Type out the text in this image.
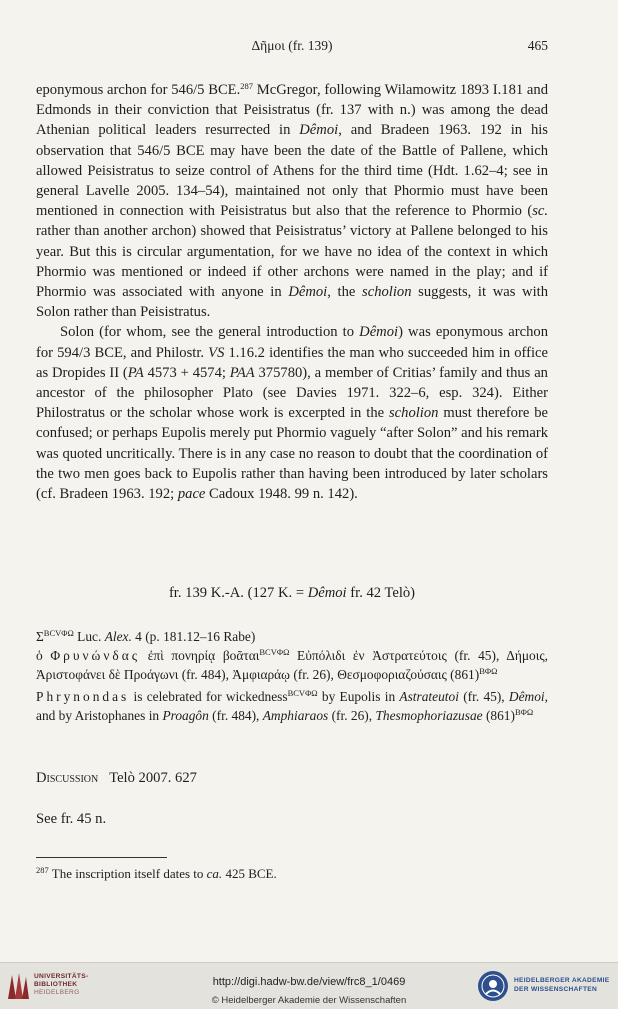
Δῆμοι (fr. 139)	465

eponymous archon for 546/5 BCE.$^{287}$ McGregor, following Wilamowitz 1893 I.181 and Edmonds in their conviction that Peisistratus (fr. 137 with n.) was among the dead Athenian political leaders resurrected in Dêmoi, and Bradeen 1963. 192 in his observation that 546/5 BCE may have been the date of the Battle of Pallene, which allowed Peisistratus to seize control of Athens for the third time (Hdt. 1.62–4; see in general Lavelle 2005. 134–54), maintained not only that Phormio must have been mentioned in connection with Peisistratus but also that the reference to Phormio (sc. rather than another archon) showed that Peisistratus’ victory at Pallene belonged to his year. But this is circular argumentation, for we have no idea of the context in which Phormio was mentioned or indeed if other archons were named in the play; and if Phormio was associated with anyone in Dêmoi, the scholion suggests, it was with Solon rather than Peisistratus.

Solon (for whom, see the general introduction to Dêmoi) was eponymous archon for 594/3 BCE, and Philostr. VS 1.16.2 identifies the man who succeeded him in office as Dropides II (PA 4573 + 4574; PAA 375780), a member of Critias’ family and thus an ancestor of the philosopher Plato (see Davies 1971. 322–6, esp. 324). Either Philostratus or the scholar whose work is excerpted in the scholion must therefore be confused; or perhaps Eupolis merely put Phormio vaguely “after Solon” and his remark was quoted uncritically. There is in any case no reason to doubt that the coordination of the two men goes back to Eupolis rather than having been introduced by later scholars (cf. Bradeen 1963. 192; pace Cadoux 1948. 99 n. 142).

fr. 139 K.-A. (127 K. = Dêmoi fr. 42 Telò)

$\Sigma^{BCV\Phi\Omega}$ Luc. Alex. 4 (p. 181.12–16 Rabe)

ὁ Φρυνώνδας ἐπὶ πονηρίᾳ βοᾶται$^{BCV\Phi\Omega}$ Εὐπόλιδι ἐν Ἀστρατεύτοις (fr. 45), Δήμοις, Ἀριστοφάνει δὲ Προάγωνι (fr. 484), Ἀμφιαράῳ (fr. 26), Θεσμοφοριαζούσαις $(861)^{B\Phi\Omega}$

Phrynondas is celebrated for wickedness$^{BCV\Phi\Omega}$ by Eupolis in Astrateutoi (fr. 45), Dêmoi, and by Aristophanes in Proagôn (fr. 484), Amphiaraos (fr. 26), Thesmophoriazusae $(861)^{B\Phi\Omega}$

Discussion Telò 2007. 627
See fr. 45 n.
$^{287}$ The inscription itself dates to ca. 425 BCE.
UNIVERSITÄTS-
BIBLIOTHEK
HEIDELBERG
http://digi.hadw-bw.de/view/frc8_1/0469
© Heidelberger Akademie der Wissenschaften
HEIDELBERGER AKADEMIE
DER WISSENSCHAFTEN
